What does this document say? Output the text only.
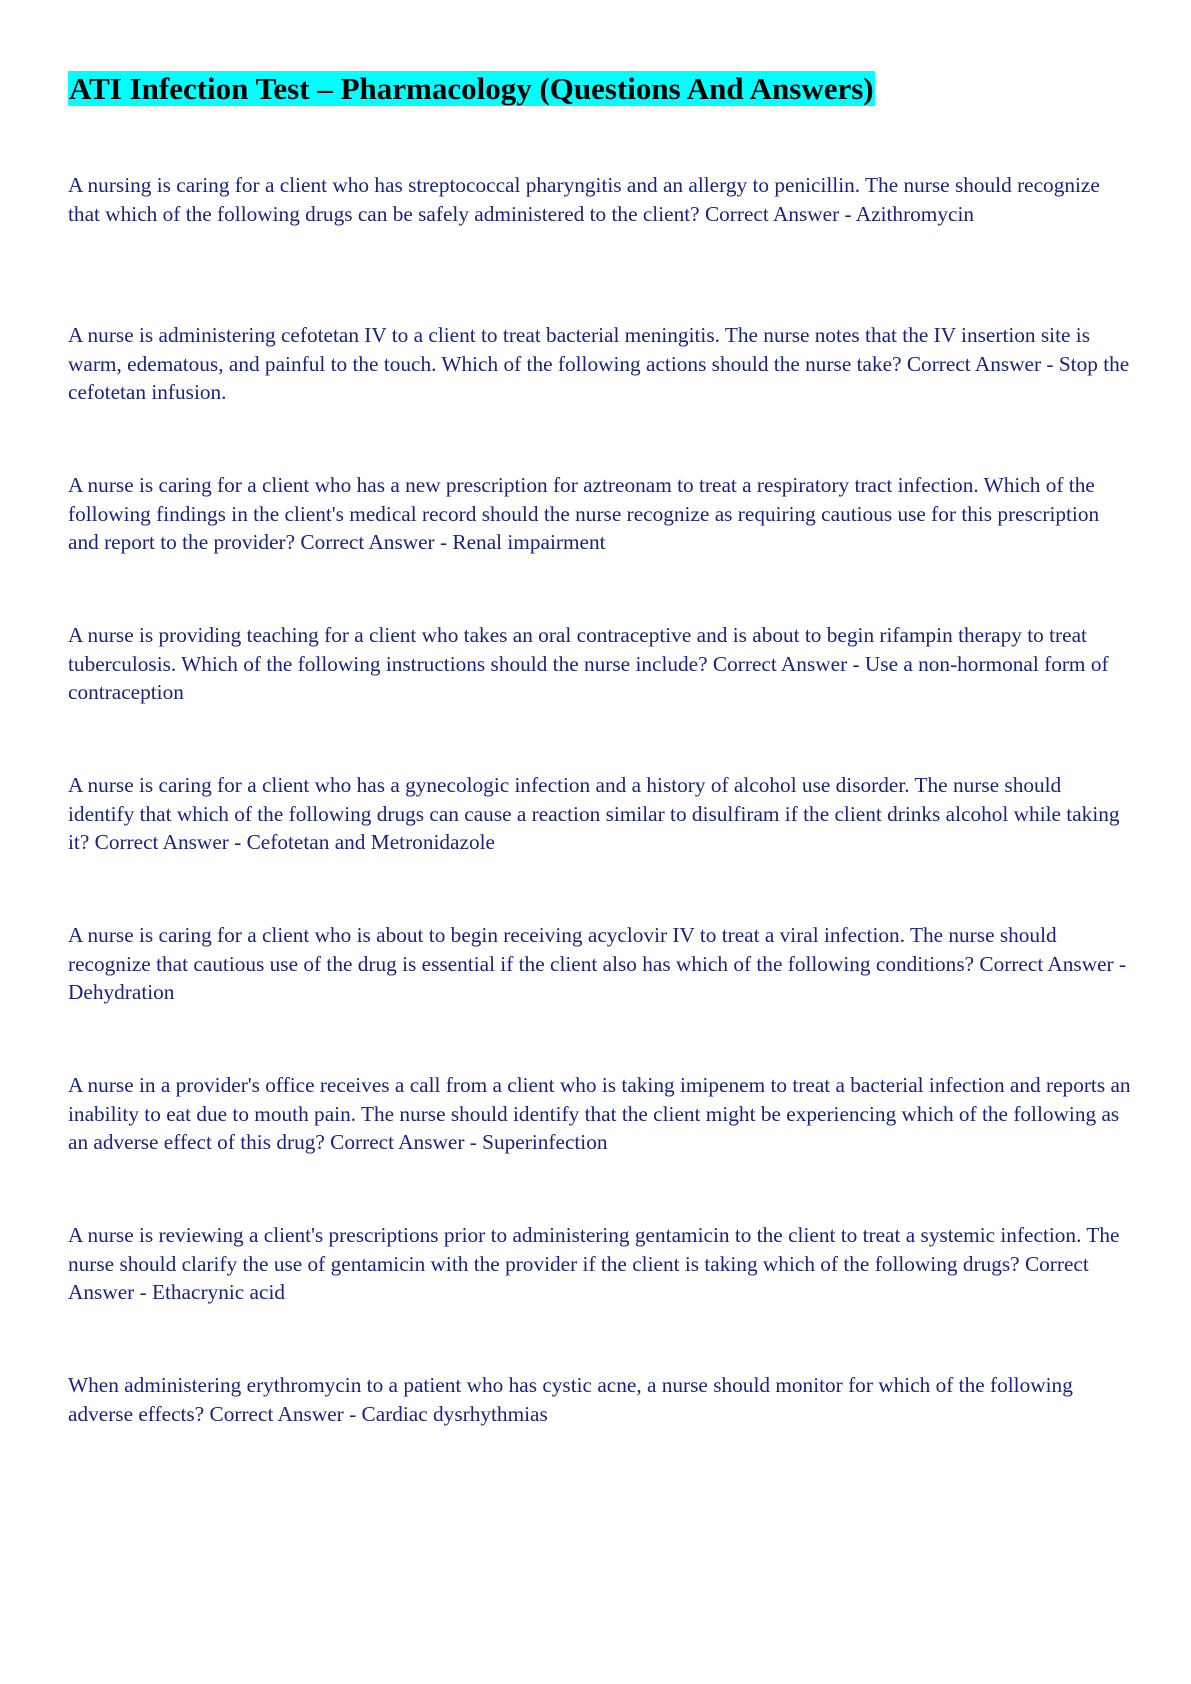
ATI Infection Test – Pharmacology (Questions And Answers)

A nursing is caring for a client who has streptococcal pharyngitis and an allergy to penicillin. The nurse should recognize that which of the following drugs can be safely administered to the client? Correct Answer - Azithromycin

A nurse is administering cefotetan IV to a client to treat bacterial meningitis. The nurse notes that the IV insertion site is warm, edematous, and painful to the touch. Which of the following actions should the nurse take? Correct Answer - Stop the cefotetan infusion.

A nurse is caring for a client who has a new prescription for aztreonam to treat a respiratory tract infection. Which of the following findings in the client's medical record should the nurse recognize as requiring cautious use for this prescription and report to the provider? Correct Answer - Renal impairment

A nurse is providing teaching for a client who takes an oral contraceptive and is about to begin rifampin therapy to treat tuberculosis. Which of the following instructions should the nurse include? Correct Answer - Use a non-hormonal form of contraception

A nurse is caring for a client who has a gynecologic infection and a history of alcohol use disorder. The nurse should identify that which of the following drugs can cause a reaction similar to disulfiram if the client drinks alcohol while taking it? Correct Answer - Cefotetan and Metronidazole

A nurse is caring for a client who is about to begin receiving acyclovir IV to treat a viral infection. The nurse should recognize that cautious use of the drug is essential if the client also has which of the following conditions? Correct Answer - Dehydration

A nurse in a provider's office receives a call from a client who is taking imipenem to treat a bacterial infection and reports an inability to eat due to mouth pain. The nurse should identify that the client might be experiencing which of the following as an adverse effect of this drug? Correct Answer - Superinfection

A nurse is reviewing a client's prescriptions prior to administering gentamicin to the client to treat a systemic infection. The nurse should clarify the use of gentamicin with the provider if the client is taking which of the following drugs? Correct Answer - Ethacrynic acid

When administering erythromycin to a patient who has cystic acne, a nurse should monitor for which of the following adverse effects? Correct Answer - Cardiac dysrhythmias
